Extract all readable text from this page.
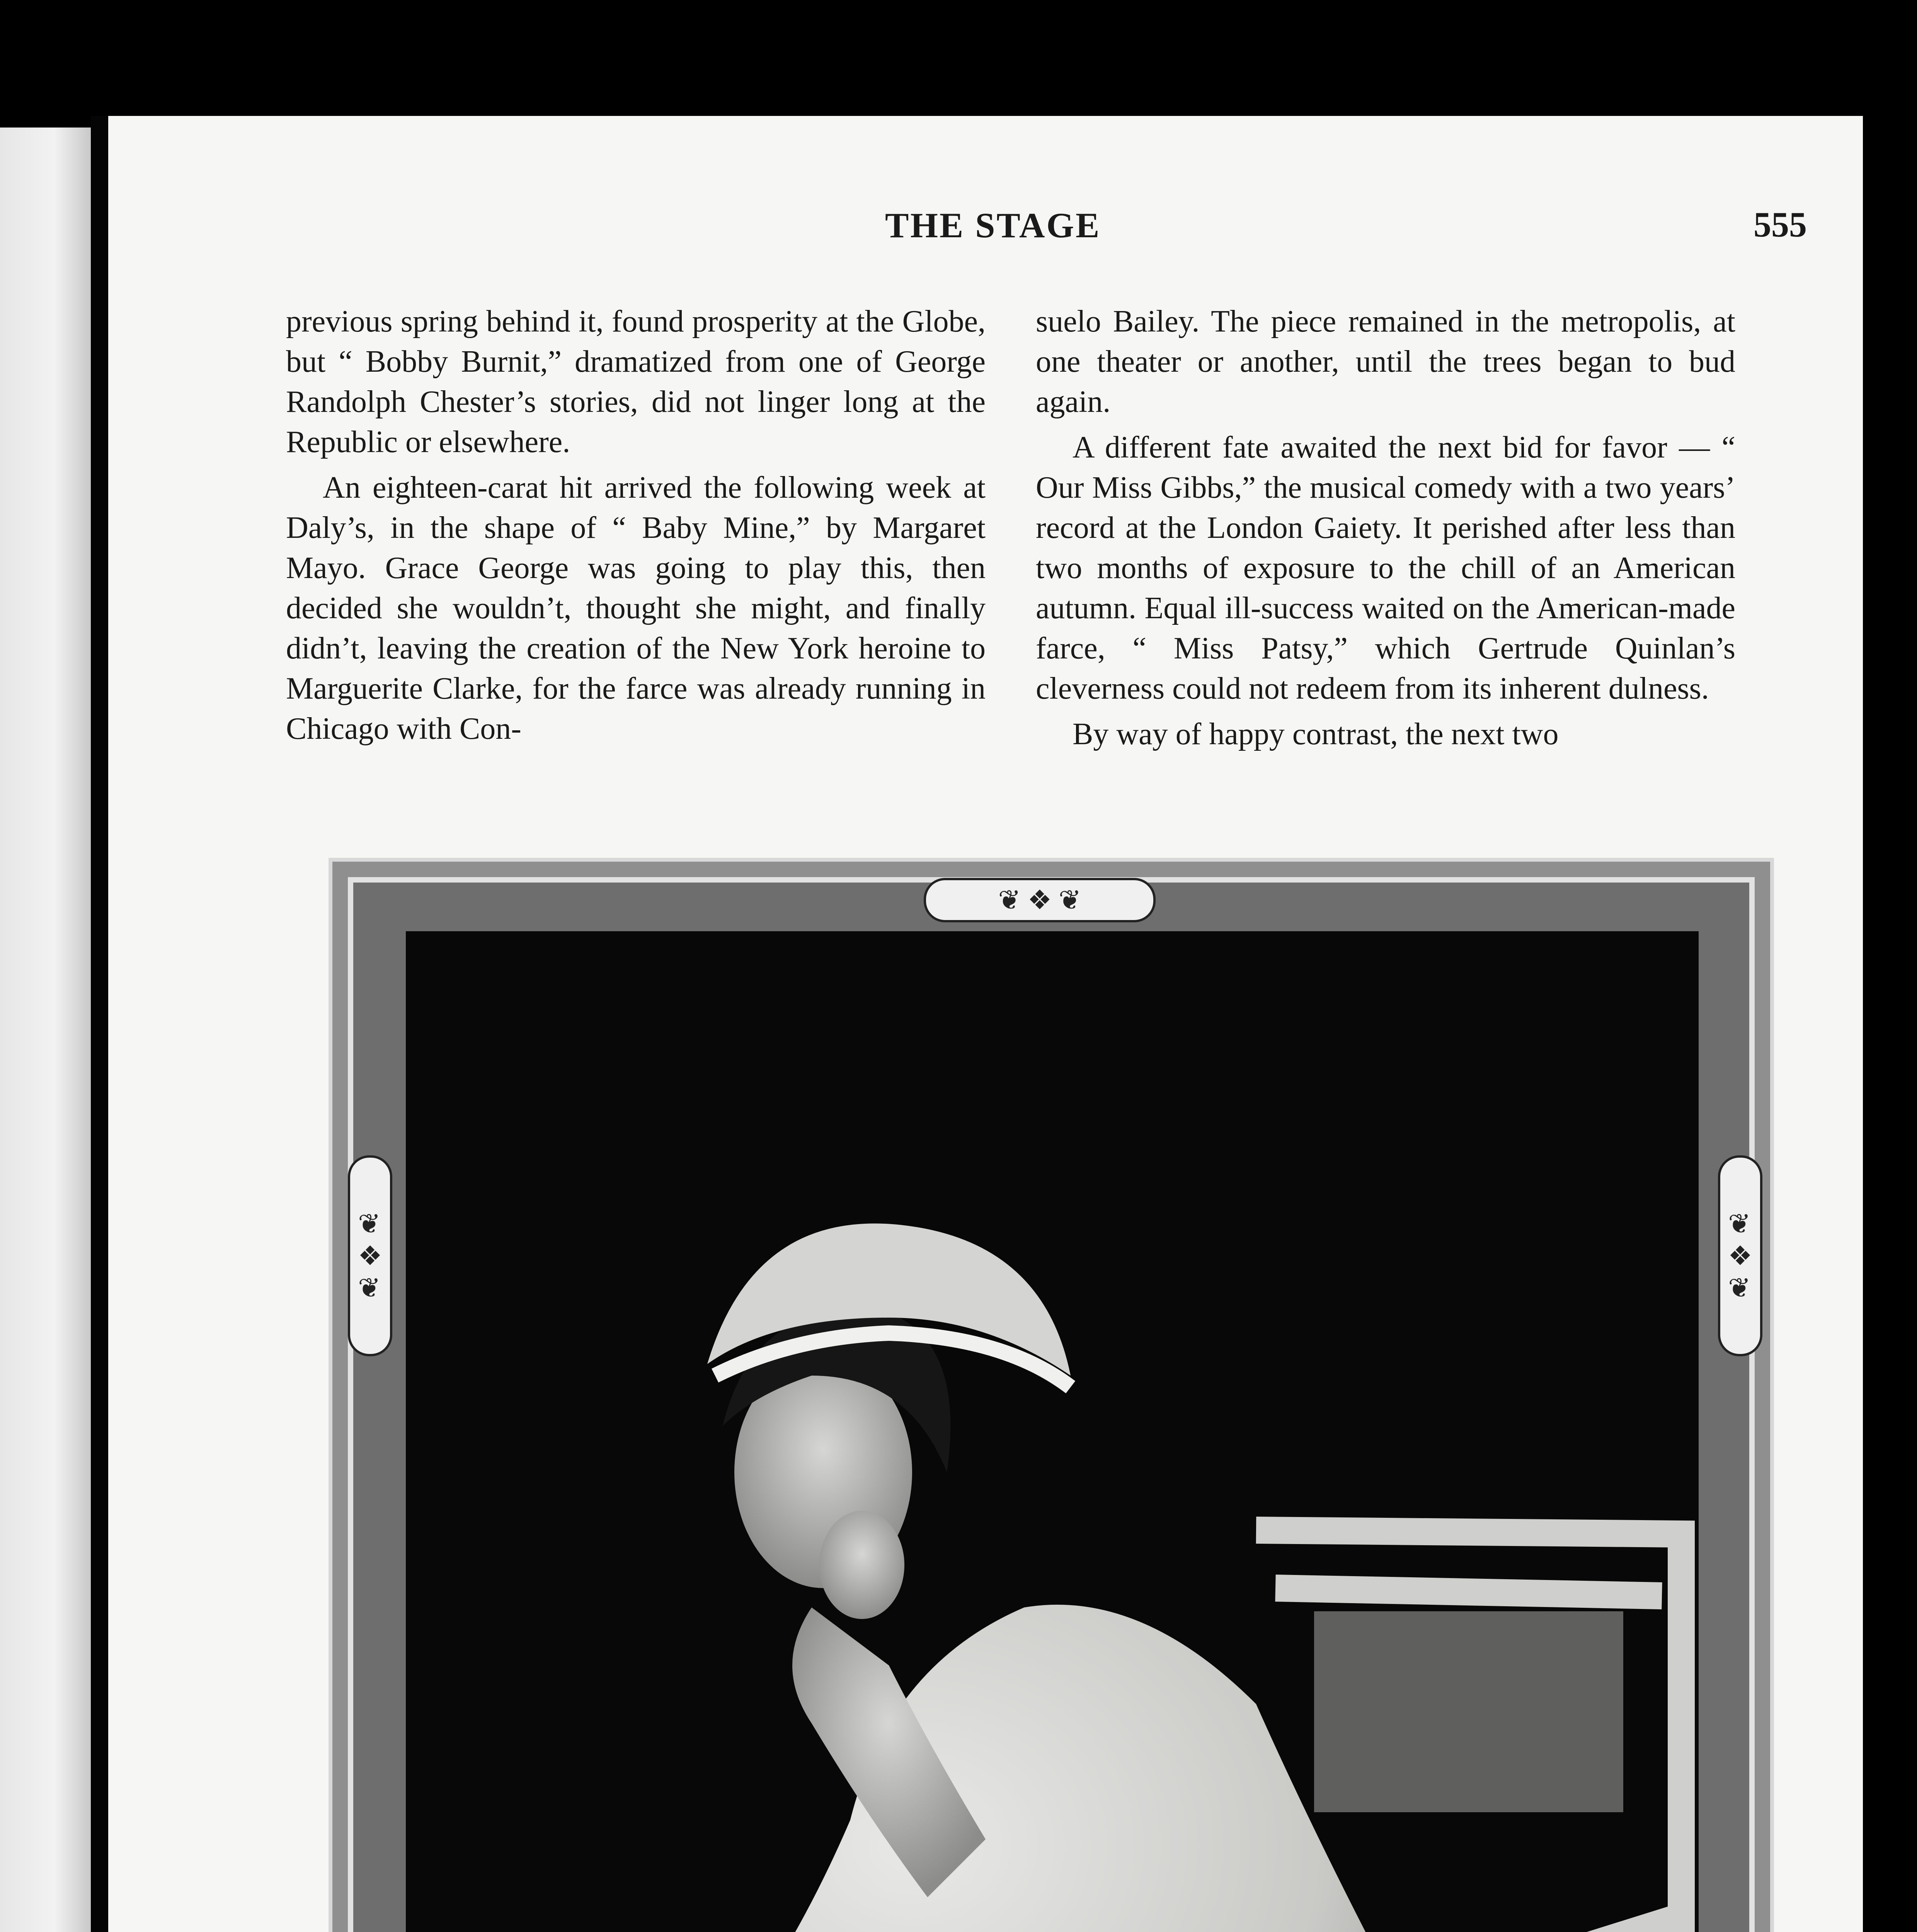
THE STAGE	555

previous spring behind it, found prosperity at the Globe, but “ Bobby Burnit,” dramatized from one of George Randolph Chester’s stories, did not linger long at the Republic or elsewhere.

An eighteen-carat hit arrived the following week at Daly’s, in the shape of “ Baby Mine,” by Margaret Mayo. Grace George was going to play this, then decided she wouldn’t, thought she might, and finally didn’t, leaving the creation of the New York heroine to Marguerite Clarke, for the farce was already running in Chicago with Con-

suelo Bailey. The piece remained in the metropolis, at one theater or another, until the trees began to bud again.

A different fate awaited the next bid for favor — “ Our Miss Gibbs,” the musical comedy with a two years’ record at the London Gaiety. It perished after less than two months of exposure to the chill of an American autumn. Equal ill-success waited on the American-made farce, “ Miss Patsy,” which Gertrude Quinlan’s cleverness could not redeem from its inherent dulness.

By way of happy contrast, the next two

❦ ❖ ❦
❦
❖
❦
❦
❖
❦
